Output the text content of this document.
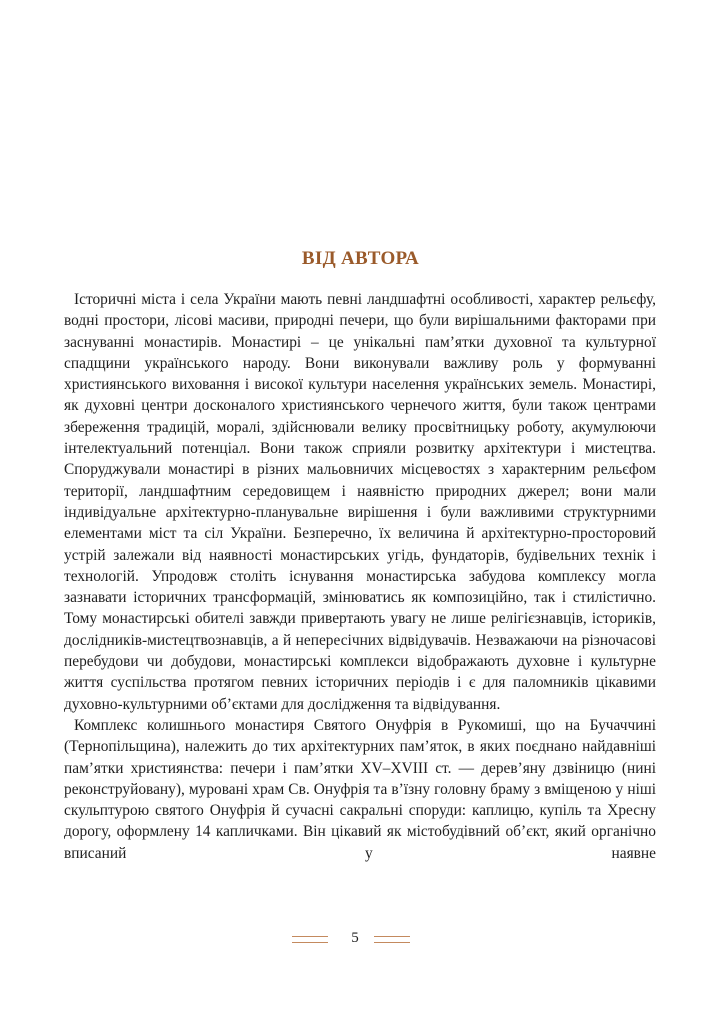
ВІД АВТОРА

Історичні міста і села України мають певні ландшафтні особливості, характер рельєфу, водні простори, лісові масиви, природні печери, що були вирішальними факторами при заснуванні монастирів. Монастирі – це унікальні пам’ятки духовної та культурної спадщини українського народу. Вони виконували важливу роль у формуванні християнського виховання і високої культури населення українських земель. Монастирі, як духовні центри досконалого християнського чернечого життя, були також центрами збереження традицій, моралі, здійснювали велику просвітницьку роботу, акумулюючи інтелектуальний потенціал. Вони також сприяли розвитку архітектури і мистецтва. Споруджували монастирі в різних мальовничих місцевостях з характерним рельєфом території, ландшафтним середовищем і наявністю природних джерел; вони мали індивідуальне архітектурно-планувальне вирішення і були важливими структурними елементами міст та сіл України. Безперечно, їх величина й архітектурно-просторовий устрій залежали від наявності монастирських угідь, фундаторів, будівельних технік і технологій. Упродовж століть існування монастирська забудова комплексу могла зазнавати історичних трансформацій, змінюватись як композиційно, так і стилістично. Тому монастирські обителі завжди привертають увагу не лише релігієзнавців, істориків, дослідників-мистецтвознавців, а й непересічних відвідувачів. Незважаючи на різночасові перебудови чи добудови, монастирські комплекси відображають духовне і культурне життя суспільства протягом певних історичних періодів і є для паломників цікавими духовно-культурними об’єктами для дослідження та відвідування.

Комплекс колишнього монастиря Святого Онуфрія в Рукомиші, що на Бучаччині (Тернопільщина), належить до тих архітектурних пам’яток, в яких поєднано найдавніші пам’ятки християнства: печери і пам’ятки XV–XVIII ст. — дерев’яну дзвіницю (нині реконструйовану), муровані храм Св. Онуфрія та в’їзну головну браму з вміщеною у ніші скульптурою святого Онуфрія й сучасні сакральні споруди: каплицю, купіль та Хресну дорогу, оформлену 14 капличками. Він цікавий як містобудівний об’єкт, який органічно вписаний у наявне

5
